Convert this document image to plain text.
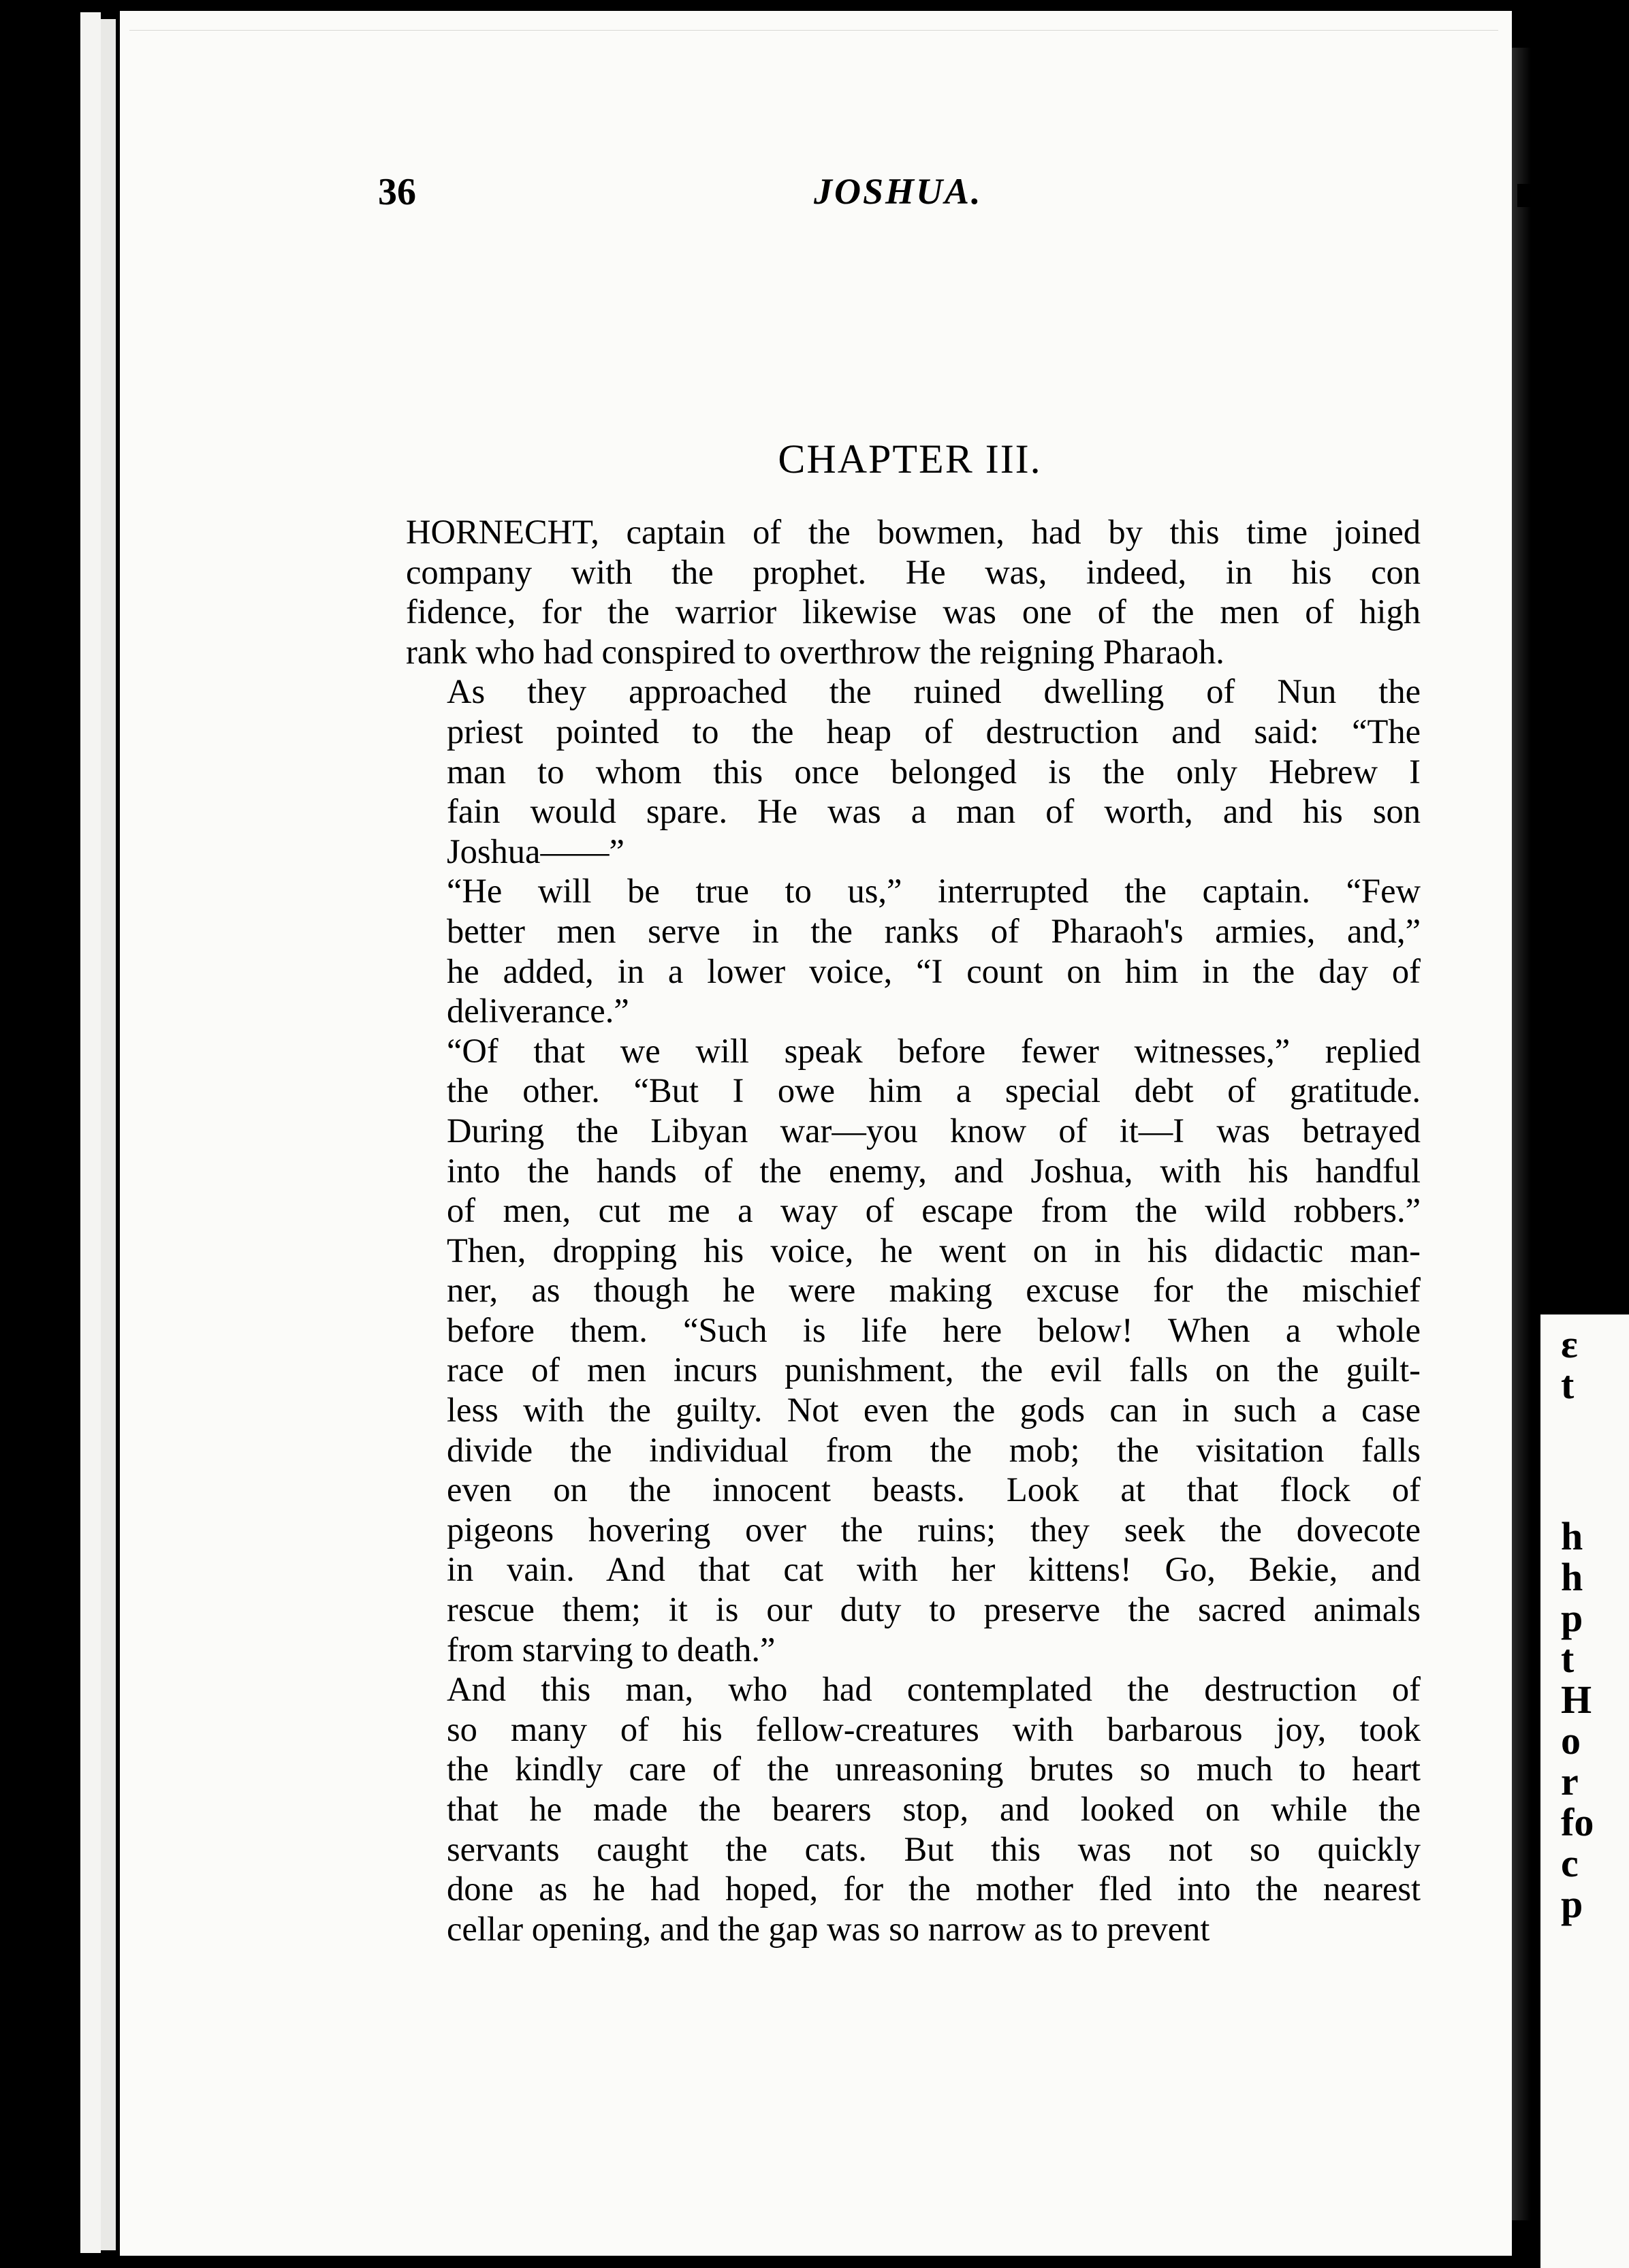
ε
t
h
h
p
t
H
o
r
fo
c
p
36	JOSHUA.
CHAPTER III.

HORNECHT, captain of the bowmen, had by this time joined
company with the prophet. He was, indeed, in his con
fidence, for the warrior likewise was one of the men of high
rank who had conspired to overthrow the reigning Pharaoh.

As they approached the ruined dwelling of Nun the
priest pointed to the heap of destruction and said: “The
man to whom this once belonged is the only Hebrew I
fain would spare. He was a man of worth, and his son
Joshua——”

“He will be true to us,” interrupted the captain. “Few
better men serve in the ranks of Pharaoh's armies, and,”
he added, in a lower voice, “I count on him in the day of
deliverance.”

“Of that we will speak before fewer witnesses,” replied
the other. “But I owe him a special debt of gratitude.
During the Libyan war—you know of it—I was betrayed
into the hands of the enemy, and Joshua, with his handful
of men, cut me a way of escape from the wild robbers.”
Then, dropping his voice, he went on in his didactic man-
ner, as though he were making excuse for the mischief
before them. “Such is life here below! When a whole
race of men incurs punishment, the evil falls on the guilt-
less with the guilty. Not even the gods can in such a case
divide the individual from the mob; the visitation falls
even on the innocent beasts. Look at that flock of
pigeons hovering over the ruins; they seek the dovecote
in vain. And that cat with her kittens! Go, Bekie, and
rescue them; it is our duty to preserve the sacred animals
from starving to death.”

And this man, who had contemplated the destruction of
so many of his fellow-creatures with barbarous joy, took
the kindly care of the unreasoning brutes so much to heart
that he made the bearers stop, and looked on while the
servants caught the cats. But this was not so quickly
done as he had hoped, for the mother fled into the nearest
cellar opening, and the gap was so narrow as to prevent
